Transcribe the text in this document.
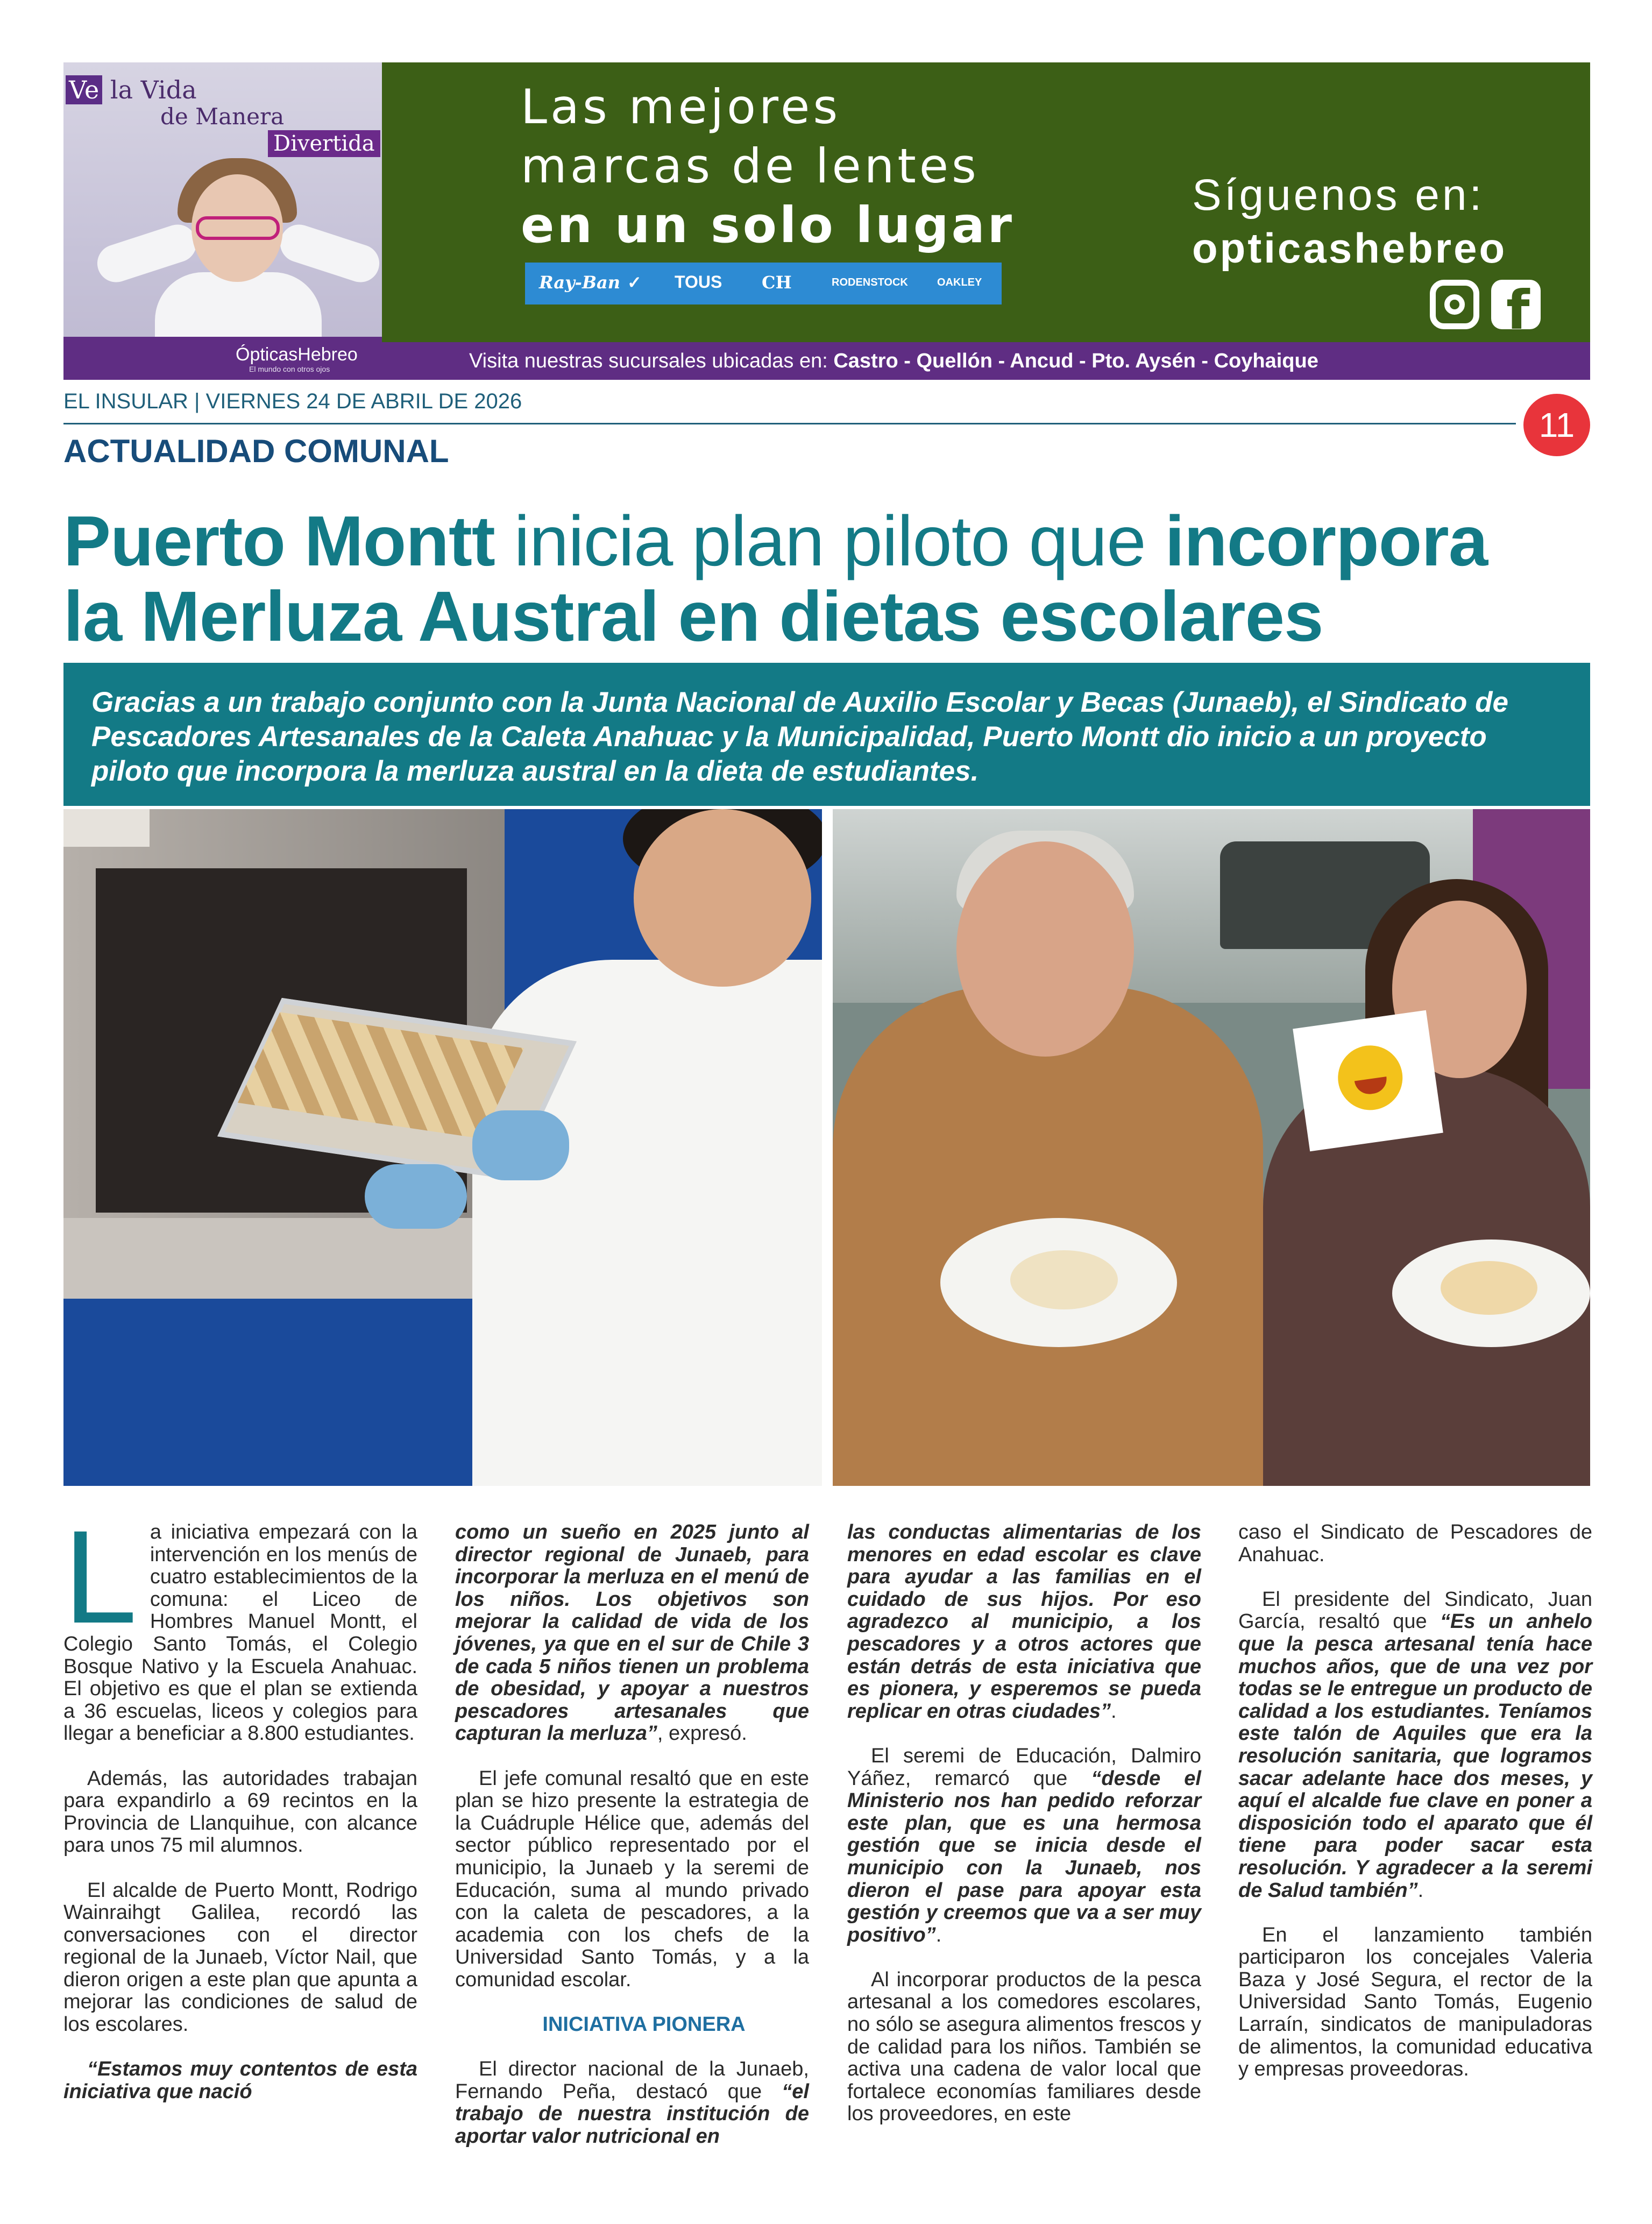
Ve la Vida
de Manera
Divertida
ÓpticasHebreo
El mundo con otros ojos
Las mejores
marcas de lentes
en un solo lugar
Ray-Ban ✓ TOUS CH	RODENSTOCK	OAKLEY
Síguenos en:
opticashebreo
f
Visita nuestras sucursales ubicadas en: Castro - Quellón - Ancud - Pto. Aysén - Coyhaique
EL INSULAR | VIERNES 24 DE ABRIL DE 2026
11
ACTUALIDAD COMUNAL
Puerto Montt inicia plan piloto que incorpora
la Merluza Austral en dietas escolares

Gracias a un trabajo conjunto con la Junta Nacional de Auxilio Escolar y Becas (Junaeb), el Sindicato de Pescadores Artesanales de la Caleta Anahuac y la Municipalidad, Puerto Montt dio inicio a un proyecto piloto que incorpora la merluza austral en la dieta de estudiantes.

La iniciativa empezará con la intervención en los menús de cuatro establecimientos de la comuna: el Liceo de Hombres Manuel Montt, el Colegio Santo Tomás, el Colegio Bosque Nativo y la Escuela Anahuac. El objetivo es que el plan se extienda a 36 escuelas, liceos y colegios para llegar a beneficiar a 8.800 estudiantes.

Además, las autoridades trabajan para expandirlo a 69 recintos en la Provincia de Llanquihue, con alcance para unos 75 mil alumnos.

El alcalde de Puerto Montt, Rodrigo Wainraihgt Galilea, recordó las conversaciones con el director regional de la Junaeb, Víctor Nail, que dieron origen a este plan que apunta a mejorar las condiciones de salud de los escolares.

“Estamos muy contentos de esta iniciativa que nació

como un sueño en 2025 junto al director regional de Junaeb, para incorporar la merluza en el menú de los niños. Los objetivos son mejorar la calidad de vida de los jóvenes, ya que en el sur de Chile 3 de cada 5 niños tienen un problema de obesidad, y apoyar a nuestros pescadores artesanales que capturan la merluza”, expresó.

El jefe comunal resaltó que en este plan se hizo presente la estrategia de la Cuádruple Hélice que, además del sector público representado por el municipio, la Junaeb y la seremi de Educación, suma al mundo privado con la caleta de pescadores, a la academia con los chefs de la Universidad Santo Tomás, y a la comunidad escolar.

INICIATIVA PIONERA

El director nacional de la Junaeb, Fernando Peña, destacó que “el trabajo de nuestra institución de aportar valor nutricional en

las conductas alimentarias de los menores en edad escolar es clave para ayudar a las familias en el cuidado de sus hijos. Por eso agradezco al municipio, a los pescadores y a otros actores que están detrás de esta iniciativa que es pionera, y esperemos se pueda replicar en otras ciudades”.

El seremi de Educación, Dalmiro Yáñez, remarcó que “desde el Ministerio nos han pedido reforzar este plan, que es una hermosa gestión que se inicia desde el municipio con la Junaeb, nos dieron el pase para apoyar esta gestión y creemos que va a ser muy positivo”.

Al incorporar productos de la pesca artesanal a los comedores escolares, no sólo se asegura alimentos frescos y de calidad para los niños. También se activa una cadena de valor local que fortalece economías familiares desde los proveedores, en este

caso el Sindicato de Pescadores de Anahuac.

El presidente del Sindicato, Juan García, resaltó que “Es un anhelo que la pesca artesanal tenía hace muchos años, que de una vez por todas se le entregue un producto de calidad a los estudiantes. Teníamos este talón de Aquiles que era la resolución sanitaria, que logramos sacar adelante hace dos meses, y aquí el alcalde fue clave en poner a disposición todo el aparato que él tiene para poder sacar esta resolución. Y agradecer a la seremi de Salud también”.

En el lanzamiento también participaron los concejales Valeria Baza y José Segura, el rector de la Universidad Santo Tomás, Eugenio Larraín, sindicatos de manipuladoras de alimentos, la comunidad educativa y empresas proveedoras.
